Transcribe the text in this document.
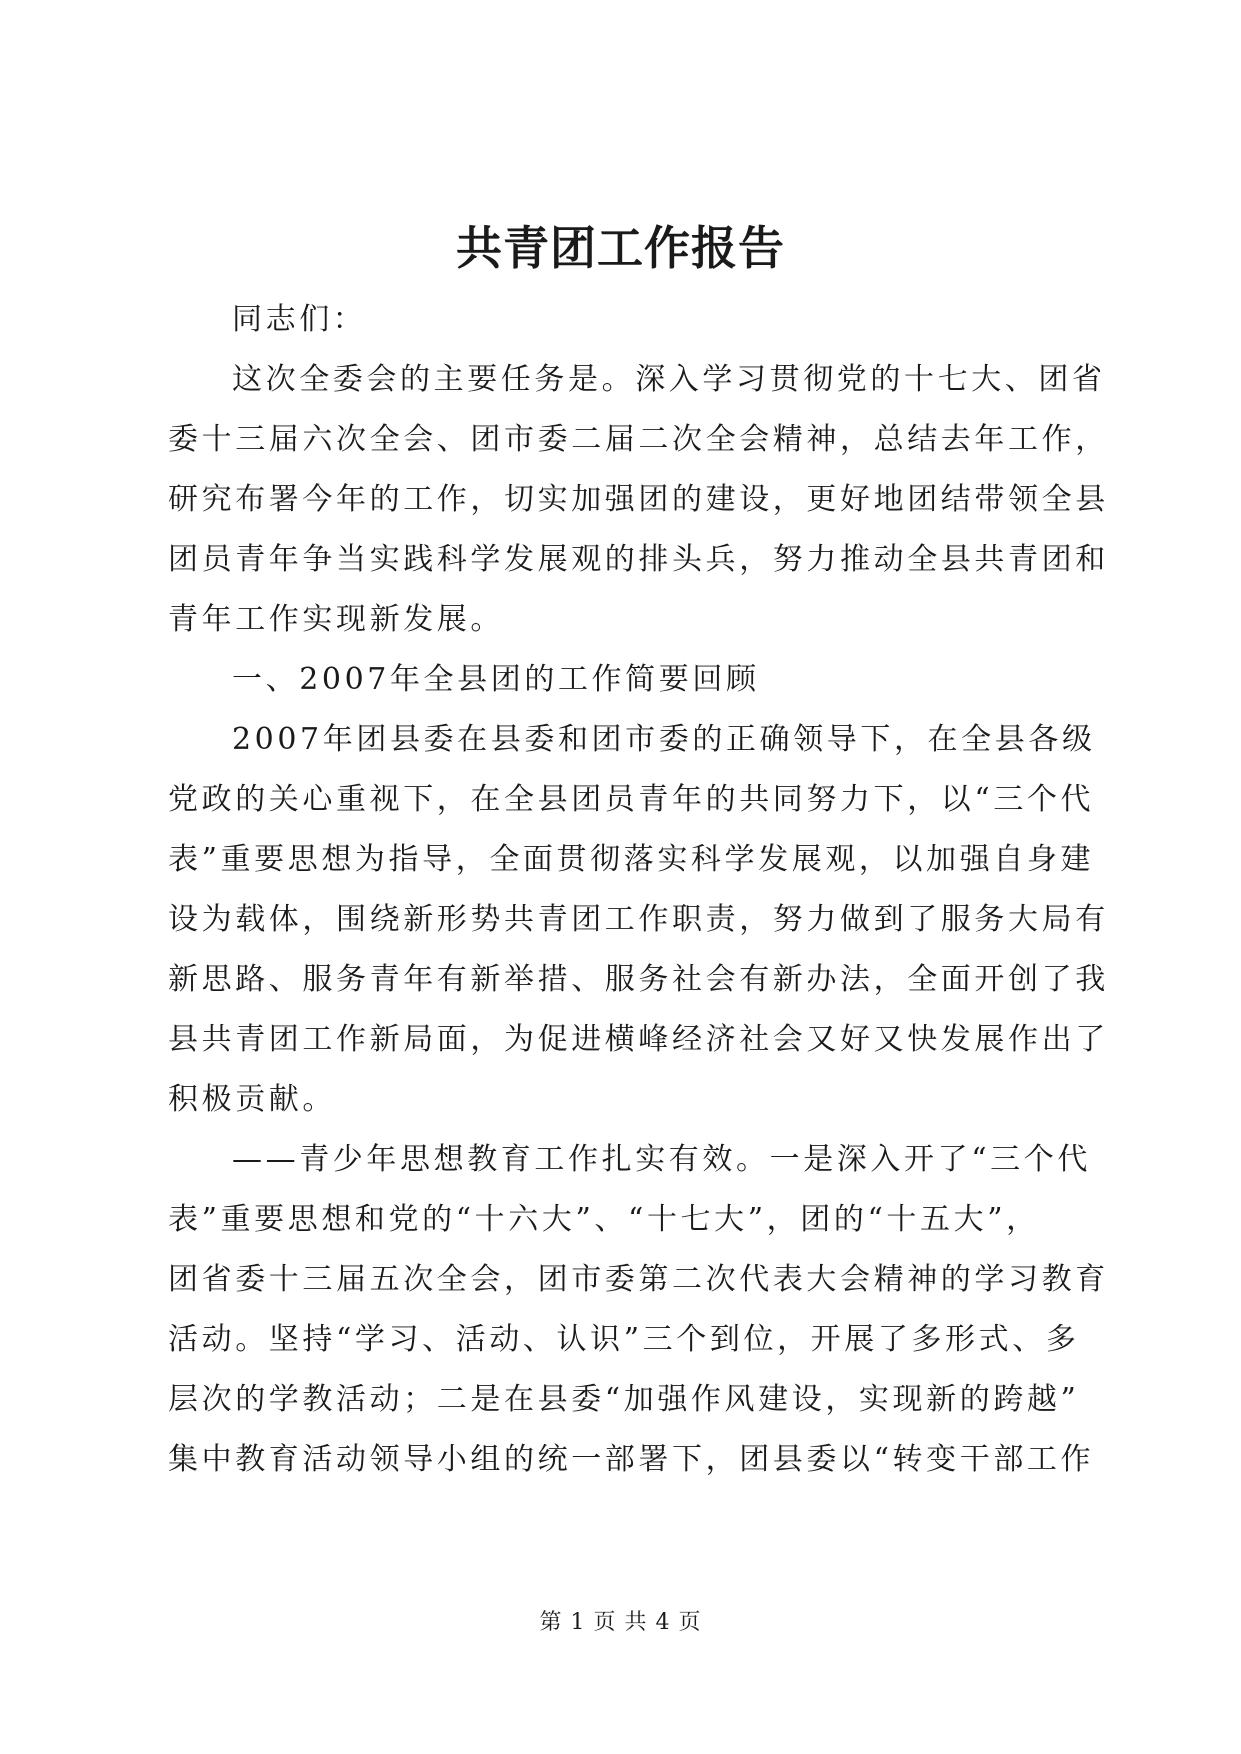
共青团工作报告
同志们：
这次全委会的主要任务是。深入学习贯彻党的十七大、团省
委十三届六次全会、团市委二届二次全会精神，总结去年工作，
研究布署今年的工作，切实加强团的建设，更好地团结带领全县
团员青年争当实践科学发展观的排头兵，努力推动全县共青团和
青年工作实现新发展。
一、2007年全县团的工作简要回顾
2007年团县委在县委和团市委的正确领导下，在全县各级
党政的关心重视下，在全县团员青年的共同努力下，以“三个代
表”重要思想为指导，全面贯彻落实科学发展观，以加强自身建
设为载体，围绕新形势共青团工作职责，努力做到了服务大局有
新思路、服务青年有新举措、服务社会有新办法，全面开创了我
县共青团工作新局面，为促进横峰经济社会又好又快发展作出了
积极贡献。
——青少年思想教育工作扎实有效。一是深入开了“三个代
表”重要思想和党的“十六大”、“十七大”，团的“十五大”，
团省委十三届五次全会，团市委第二次代表大会精神的学习教育
活动。坚持“学习、活动、认识”三个到位，开展了多形式、多
层次的学教活动；二是在县委“加强作风建设，实现新的跨越”
集中教育活动领导小组的统一部署下，团县委以“转变干部工作
第 1 页 共 4 页
